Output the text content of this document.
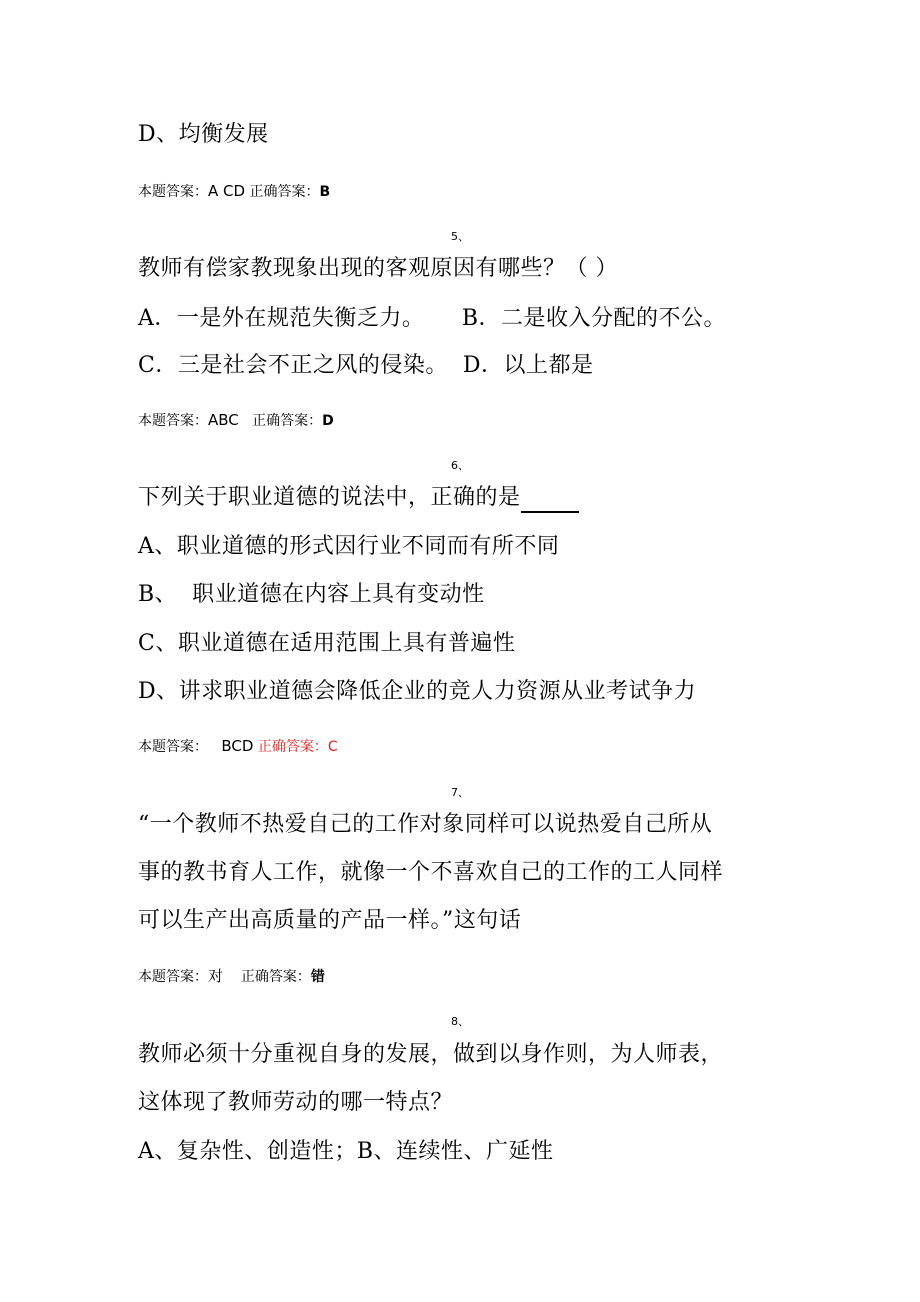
D、均衡发展
本题答案：A CD 正确答案：B
5、
教师有偿家教现象出现的客观原因有哪些？（ ）
A．一是外在规范失衡乏力。     B．二是收入分配的不公。
C．三是社会不正之风的侵染。  D．以上都是
本题答案：ABC 正确答案：D
6、
下列关于职业道德的说法中，正确的是
A、职业道德的形式因行业不同而有所不同
B、  职业道德在内容上具有变动性
C、职业道德在适用范围上具有普遍性
D、讲求职业道德会降低企业的竞人力资源从业考试争力
本题答案： BCD 正确答案：C
7、
“一个教师不热爱自己的工作对象同样可以说热爱自己所从
事的教书育人工作，就像一个不喜欢自己的工作的工人同样
可以生产出高质量的产品一样。”这句话
本题答案：对 正确答案：错
8、
教师必须十分重视自身的发展，做到以身作则，为人师表，
这体现了教师劳动的哪一特点？
A、复杂性、创造性；B、连续性、广延性
